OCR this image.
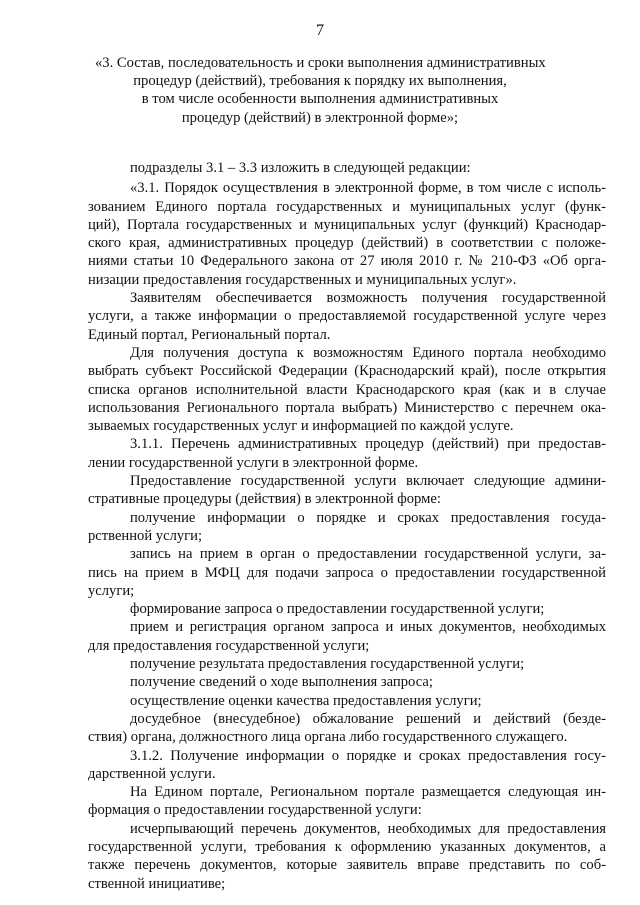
7
«3. Состав, последовательность и сроки выполнения административных
процедур (действий), требования к порядку их выполнения,
в том числе особенности выполнения административных
процедур (действий) в электронной форме»;
подразделы 3.1 – 3.3 изложить в следующей редакции:
«3.1. Порядок осуществления в электронной форме, в том числе с исполь-
зованием Единого портала государственных и муниципальных услуг (функ-
ций), Портала государственных и муниципальных услуг (функций) Краснодар-
ского края, административных процедур (действий) в соответствии с положе-
ниями статьи 10 Федерального закона от 27 июля 2010 г. № 210-ФЗ «Об орга-
низации предоставления государственных и муниципальных услуг».
Заявителям обеспечивается возможность получения государственной
услуги, а также информации о предоставляемой государственной услуге через
Единый портал, Региональный портал.
Для получения доступа к возможностям Единого портала необходимо
выбрать субъект Российской Федерации (Краснодарский край), после открытия
списка органов исполнительной власти Краснодарского края (как и в случае
использования Регионального портала выбрать) Министерство с перечнем ока-
зываемых государственных услуг и информацией по каждой услуге.
3.1.1. Перечень административных процедур (действий) при предостав-
лении государственной услуги в электронной форме.
Предоставление государственной услуги включает следующие админи-
стративные процедуры (действия) в электронной форме:
получение информации о порядке и сроках предоставления госуда-
рственной услуги;
запись на прием в орган о предоставлении государственной услуги, за-
пись на прием в МФЦ для подачи запроса о предоставлении государственной
услуги;
формирование запроса о предоставлении государственной услуги;
прием и регистрация органом запроса и иных документов, необходимых
для предоставления государственной услуги;
получение результата предоставления государственной услуги;
получение сведений о ходе выполнения запроса;
осуществление оценки качества предоставления услуги;
досудебное (внесудебное) обжалование решений и действий (безде-
ствия) органа, должностного лица органа либо государственного служащего.
3.1.2. Получение информации о порядке и сроках предоставления госу-
дарственной услуги.
На Едином портале, Региональном портале размещается следующая ин-
формация о предоставлении государственной услуги:
исчерпывающий перечень документов, необходимых для предоставления
государственной услуги, требования к оформлению указанных документов, а
также перечень документов, которые заявитель вправе представить по соб-
ственной инициативе;
